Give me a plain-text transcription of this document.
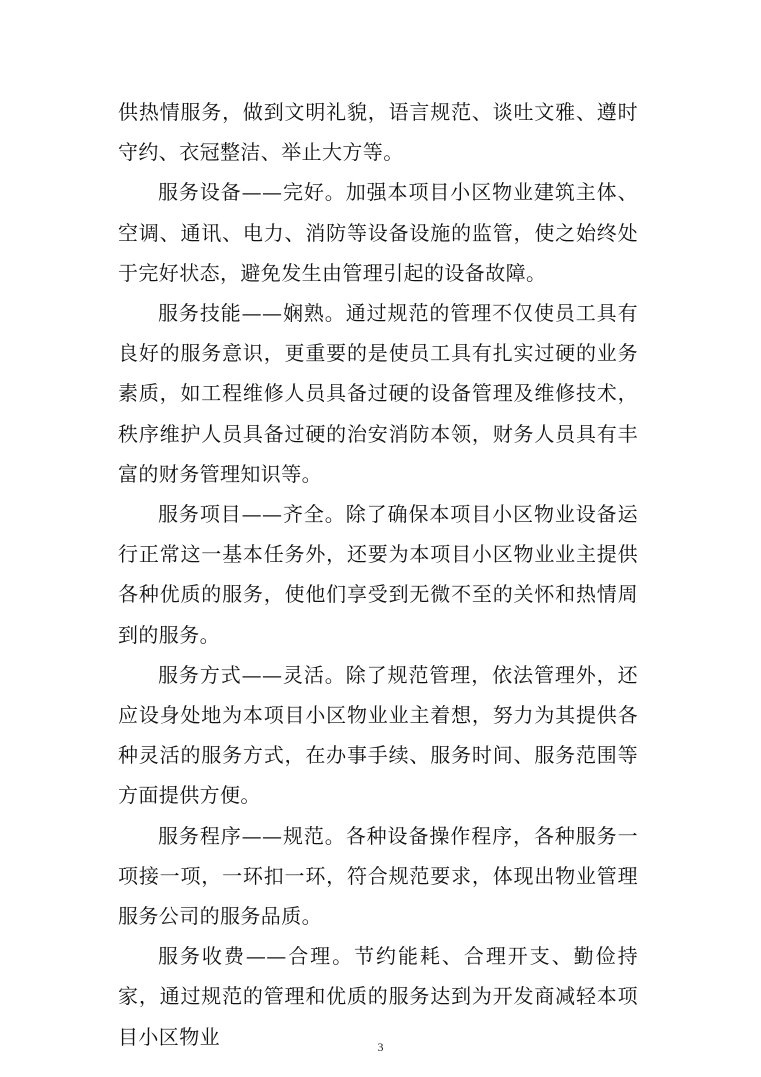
供热情服务，做到文明礼貌，语言规范、谈吐文雅、遵时守约、衣冠整洁、举止大方等。

服务设备——完好。加强本项目小区物业建筑主体、空调、通讯、电力、消防等设备设施的监管，使之始终处于完好状态，避免发生由管理引起的设备故障。

服务技能——娴熟。通过规范的管理不仅使员工具有良好的服务意识，更重要的是使员工具有扎实过硬的业务素质，如工程维修人员具备过硬的设备管理及维修技术，秩序维护人员具备过硬的治安消防本领，财务人员具有丰富的财务管理知识等。

服务项目——齐全。除了确保本项目小区物业设备运行正常这一基本任务外，还要为本项目小区物业业主提供各种优质的服务，使他们享受到无微不至的关怀和热情周到的服务。

服务方式——灵活。除了规范管理，依法管理外，还应设身处地为本项目小区物业业主着想，努力为其提供各种灵活的服务方式，在办事手续、服务时间、服务范围等方面提供方便。

服务程序——规范。各种设备操作程序，各种服务一项接一项，一环扣一环，符合规范要求，体现出物业管理服务公司的服务品质。

服务收费——合理。节约能耗、合理开支、勤俭持家，通过规范的管理和优质的服务达到为开发商减轻本项目小区物业	3
